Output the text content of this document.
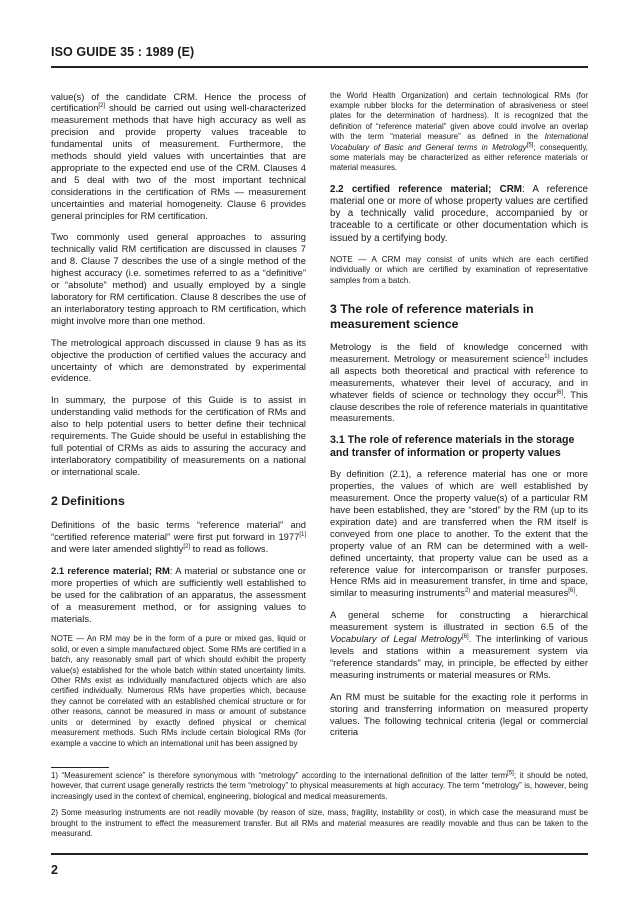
ISO GUIDE 35 : 1989 (E)

value(s) of the candidate CRM. Hence the process of certification[2] should be carried out using well-characterized measurement methods that have high accuracy as well as precision and provide property values traceable to fundamental units of measurement. Furthermore, the methods should yield values with uncertainties that are appropriate to the expected end use of the CRM. Clauses 4 and 5 deal with two of the most important technical considerations in the certification of RMs — measurement uncertainties and material homogeneity. Clause 6 provides general principles for RM certification.

Two commonly used general approaches to assuring technically valid RM certification are discussed in clauses 7 and 8. Clause 7 describes the use of a single method of the highest accuracy (i.e. sometimes referred to as a “definitive” or “absolute” method) and usually employed by a single laboratory for RM certification. Clause 8 describes the use of an interlaboratory testing approach to RM certification, which might involve more than one method.

The metrological approach discussed in clause 9 has as its objective the production of certified values the accuracy and uncertainty of which are demonstrated by experimental evidence.

In summary, the purpose of this Guide is to assist in understanding valid methods for the certification of RMs and also to help potential users to better define their technical requirements. The Guide should be useful in establishing the full potential of CRMs as aids to assuring the accuracy and interlaboratory compatibility of measurements on a national or international scale.

2 Definitions

Definitions of the basic terms “reference material” and “certified reference material” were first put forward in 1977[1] and were later amended slightly[2] to read as follows.

2.1 reference material; RM: A material or substance one or more properties of which are sufficiently well established to be used for the calibration of an apparatus, the assessment of a measurement method, or for assigning values to materials.

NOTE — An RM may be in the form of a pure or mixed gas, liquid or solid, or even a simple manufactured object. Some RMs are certified in a batch, any reasonably small part of which should exhibit the property value(s) established for the whole batch within stated uncertainty limits. Other RMs exist as individually manufactured objects which are also certified individually. Numerous RMs have properties which, because they cannot be correlated with an established chemical structure or for other reasons, cannot be measured in mass or amount of substance units or determined by exactly defined physical or chemical measurement methods. Such RMs include certain biological RMs (for example a vaccine to which an international unit has been assigned by

the World Health Organization) and certain technological RMs (for example rubber blocks for the determination of abrasiveness or steel plates for the determination of hardness). It is recognized that the definition of “reference material” given above could involve an overlap with the term “material measure” as defined in the International Vocabulary of Basic and General terms in Metrology[5]; consequently, some materials may be characterized as either reference materials or material measures.

2.2 certified reference material; CRM: A reference material one or more of whose property values are certified by a technically valid procedure, accompanied by or traceable to a certificate or other documentation which is issued by a certifying body.

NOTE — A CRM may consist of units which are each certified individually or which are certified by examination of representative samples from a batch.

3 The role of reference materials in measurement science

Metrology is the field of knowledge concerned with measurement. Metrology or measurement science$^{1)}$ includes all aspects both theoretical and practical with reference to measurements, whatever their level of accuracy, and in whatever fields of science or technology they occur[6]. This clause describes the role of reference materials in quantitative measurements.

3.1 The role of reference materials in the storage and transfer of information or property values

By definition (2.1), a reference material has one or more properties, the values of which are well established by measurement. Once the property value(s) of a particular RM have been established, they are “stored” by the RM (up to its expiration date) and are transferred when the RM itself is conveyed from one place to another. To the extent that the property value of an RM can be determined with a well-defined uncertainty, that property value can be used as a reference value for intercomparison or transfer purposes. Hence RMs aid in measurement transfer, in time and space, similar to measuring instruments$^{2)}$ and material measures[6].

A general scheme for constructing a hierarchical measurement system is illustrated in section 6.5 of the Vocabulary of Legal Metrology[6]. The interlinking of various levels and stations within a measurement system via “reference standards” may, in principle, be effected by either measuring instruments or material measures or RMs.

An RM must be suitable for the exacting role it performs in storing and transferring information on measured property values. The following technical criteria (legal or commercial criteria

1) “Measurement science” is therefore synonymous with “metrology” according to the international definition of the latter term[5]; it should be noted, however, that current usage generally restricts the term “metrology” to physical measurements at high accuracy. The term “metrology” is, however, being increasingly used in the context of chemical, engineering, biological and medical measurements.

2) Some measuring instruments are not readily movable (by reason of size, mass, fragility, instability or cost), in which case the measurand must be brought to the instrument to effect the measurement transfer. But all RMs and material measures are readily movable and thus can be taken to the measurand.

2
